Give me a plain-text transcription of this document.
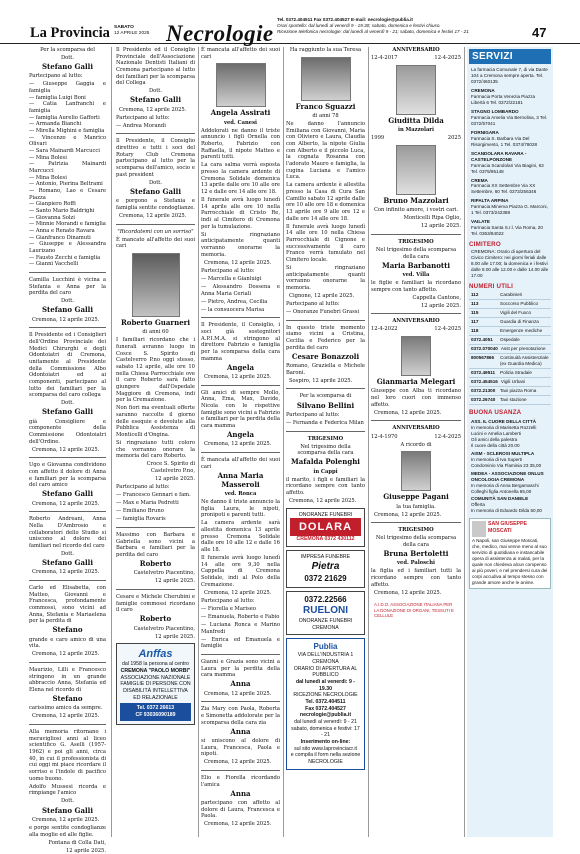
La Provincia SABATO
12 APRILE 2025 Necrologie
Tel. 0372.404511 Fax 0372.404527 E-mail: necrologie@publia.it
Orari sportello: dal lunedì al venerdì 9 - 19.30; sabato, domenica e festivi chiuso.
Ricezione telefonica necrologie: dal lunedì al venerdì 9 - 21; sabato, domenica e festivi 17 - 21	47

Per la scomparsa del

Dott.

Stefano Galli

Partecipano al lutto:

— Giuseppe Gaggia e famiglia

— famiglia Luigi Boni

— Catia Lanfranchi e famiglia

— famiglia Aurelio Gafforti

— Armanda Bianchi

— Mirella Mighini e famiglia

— Vincenzo e Manrico Olivari

— Sara Mainardi Marcucci

— Mina Bolesi

— Patrizia Mainardi Marcucci

— Mina Bolesi

— Antonio, Pierina Beltrami

— Romano, Lao e Cesare Piazza

— Gianpiero Roffi

— Santo Mario Baldrighi

— Giovanna Solzi

— Minnie Morandi e famiglia

— Anna e Renato Ravara

— Gianfranco Dinamuti

— Giuseppe e Alessandra Laurizano

— Fausto Zecchi e famiglia

— Gianni Vacchelli

Camilla Lucchini è vicina a Stefania e Anna per la perdita del caro

Dott.

Stefano Galli

Cremona, 12 aprile 2025.

Il Presidente ed i Consiglieri dell'Ordine Provinciale dei Medici Chirurghi e degli Odontoiatri di Cremona, unitamente al Presidente della Commissione Albo Odontoiatri ed ai componenti, partecipano al lutto dei familiari per la scomparsa del caro collega

Dott.

Stefano Galli

già Consigliere e componente della Commissione Odontoiatri dell'Ordine.

Cremona, 12 aprile 2025.

Ugo e Giovanna condividono con affetto il dolore di Anna e familiari per la scomparsa del caro amico

Stefano Galli

Cremona, 12 aprile 2025.

Roberto Andreani, Anna Nella D'Ambrosio e collaboratori dello Studio si uniscono al dolore dei familiari nel ricordo del caro

Dott.

Stefano Galli

Cremona, 12 aprile 2025.

Carlo ed Elisabetta, con Matteo, Giovanni e Francesca, profondamente commossi, sono vicini ad Anna, Stefania e Mariaelena per la perdita di

Stefano

grande e caro amico di una vita.

Cremona, 12 aprile 2025.

Maurizio, Lilli e Francesco stringono in un grande abbraccio Anna, Stefania ed Elena nel ricordo di

Stefano

carissimo amico da sempre.

Cremona, 12 aprile 2025.

Alla memoria ritornano i meravigliosi anni al liceo scientifico G. Aselli (1957-1962) e poi gli anni, circa 40, in cui il professionista di cui oggi mi piace ricordare il sorriso e l'indole di pacifico uomo buono.

Adolfo Mussesi ricorda e rimpiange l'amico

Dott.

Stefano Galli

Cremona, 12 aprile 2025.

e porge sentite condoglianze alla moglie ed alle figlie.

Fontana di Colla Dati,

12 aprile 2025.

Il Presidente ed il Consiglio Provinciale dell'Associazione Nazionale Dentisti Italiani di Cremona partecipano al lutto dei familiari per la scomparsa del Collega

Dott.

Stefano Galli

Cremona, 12 aprile 2025.

Partecipano al lutto:

— Andrea Morandi

Il Presidente, il Consiglio direttivo e tutti i soci del Rotary Club Cremona partecipano al lutto per la scomparsa dell'amico, socio e past president

Dott.

Stefano Galli

e porgono a Stefania e famiglia sentite condoglianze.

Cremona, 12 aprile 2025.

"Ricordatemi con un sorriso"

È mancato all'affetto dei suoi cari

Roberto Guarneri

di anni 60

I familiari ricordano che i funerali avranno luogo in Cosce S. Spirito di Castelverro P.no oggi stesso, sabato 12 aprile, alle ore 10 nella Chiesa Parrocchiale ove il caro Roberto sarà fatto giungere dall'Ospedale Maggiore di Cremona, indi per la Cremazione.

Non fiori ma eventuali offerte saranno raccolte il giorno delle esequie e devolute alla Pubblica Assistenza di Monticelli d'Ongina.

Si ringraziano tutti coloro che vorranno onorare la memoria del caro Roberto.

Croce S. Spirito di Castelvetro P.no,

12 aprile 2025.

Partecipano al lutto:

— Francesco Gennari e fam.

— Max e Maria Pedretti

— Emiliano Bruno

— famiglia Rovaris

Massimo con Barbara e Gabriella sono vicini a Barbara e familiari per la perdita del caro

Roberto

Castelvetro Piacentino,

12 aprile 2025.

Cesare e Michele Cherubini e famiglie commossi ricordano il caro

Roberto

Castelvetro Piacentino,

12 aprile 2025.

Anffas
dal 1958 la persona al centro
CREMONA "PAOLO MORBI"
ASSOCIAZIONE NAZIONALE FAMIGLIE DI PERSONE CON DISABILITÀ INTELLETTIVA ED RELAZIONALE
Tel. 0372 26613
CF 93036090189

È mancata all'affetto dei suoi cari

Angela Assirati

ved. Canesi

Addolorati ne danno il triste annuncio i figli Ornella con Roberto, Fabrizio con Raffaella, il nipote Matteo e parenti tutti.

La cara salma verrà esposta presso la camera ardente di Cremona Solidale domenica 13 aprile dalle ore 10 alle ore 12 e dalle ore 14 alle ore 18.

Il funerale avrà luogo lunedì 14 aprile alle ore 10 nella Parrocchiale di Cristo Re, indi al Cimitero di Cremona per la tumulazione.

Si ringraziano anticipatamente quanti vorranno onorarne la memoria.

Cremona, 12 aprile 2025.

Partecipano al lutto:

— Marcella e Gianluigi

— Alessandro Dossena e Anna Maria Ceriali

— Pietro, Andrea, Cecilia

— la consuocera Marisa

Il Presidente, il Consiglio, i soci già sostegnitori A.P.I.M.A. si stringono al direttore Fabrizio e famiglia per la scomparsa della cara mamma

Angela

Cremona, 12 aprile 2025.

Gli amici di sempre Mollo, Anna, Ema, Max, Davide, Nicola con le rispettive famiglie sono vicini a Fabrizio e familiari per la perdita della cara mamma

Angela

Cremona, 12 aprile 2025.

È mancata all'affetto dei suoi cari

Anna Maria Masseroli

ved. Ronca

Ne danno il triste annuncio la figlia Laura, le nipoti, pronipoti e parenti tutti.

La camera ardente sarà allestita domenica 13 aprile presso Cremona Solidale dalle ore 10 alle 12 e dalle 16 alle 18.

Il funerale avrà luogo lunedì 14 alle ore 9,30 nella Cappella di Cremona Solidale, indi al Polo della Cremazione.

Cremona, 12 aprile 2025.

Partecipano al lutto:

— Fiorella e Mariseo

— Emanuela, Roberto e Fabio

— Luciana Ronca e Marino Manfredi

— Enrica ed Emanuela e famiglie

Gianni e Grazia sono vicini a Laura per la perdita della cara mamma

Anna

Cremona, 12 aprile 2025.

Zia Mary con Paola, Roberta e Simonetta addolorate per la scomparsa della cara zia

Anna

si uniscono al dolore di Laura, Francesca, Paola e nipoti.

Cremona, 12 aprile 2025.

Elio e Fiorella ricordando l'amica

Anna

partecipano con affetto al dolore di Laura, Francesca e Paola.

Cremona, 12 aprile 2025.

Ha raggiunto la sua Teresa

Franco Sguazzi

di anni 78

Ne danno l'annuncio Emiliana con Giovanni, Maria con Oliviero e Laura, Claudia con Alberto, la nipote Giulia con Alberto e il piccolo Luca, la cognata Rosanna con l'adorato Mauro e famiglia, la cugina Luciana e l'amico Luca.

La camera ardente è allestita presso la Casa di Cura San Camillo sabato 12 aprile dalle ore 10 alle ore 18 e domenica 13 aprile ore 9 alle ore 12 e dalle ore 14 alle ore 18.

Il funerale avrà luogo lunedì 14 alle ore 10 nella Chiesa Parrocchiale di Cignone e successivamente il caro Franco verrà tumulato nel Cimitero locale.

Si ringraziano anticipatamente quanti vorranno onorarne la memoria.

Cignone, 12 aprile 2025.

Partecipano al lutto:

— Onoranze Funebri Grassi

In questo triste momento siamo vicini a Cristina, Cecilia e Federico per la perdita del caro

Cesare Bonazzoli

Romano, Graziella e Michele Baroni.

Sospiro, 12 aprile 2025.

Per la scomparsa di

Silvano Bellini

Partecipano al lutto:

— Fernanda e Federica Milan

TRIGESIMO

Nel trigesimo della scomparsa della cara

Mafalda Polenghi

in Cappi

il marito, i figli e familiari la ricordano sempre con tanto affetto.

Cremona, 12 aprile 2025.

ONORANZE FUNEBRI
DOLARA
CREMONA 0372 430112
IMPRESA FUNEBRE
Pietra
0372 21629
0372.22566
RUELONI
ONORANZE FUNEBRI CREMONA
Publia
VIA DELL'INDUSTRIA 1 CREMONA
ORARIO DI APERTURA AL PUBBLICO
dal lunedì al venerdì: 9 - 19.30
RICEZIONE NECROLOGIE
Tel. 0372.404511
Fax 0372.404527
necrologie@publia.it
dal lunedì al venerdì: 9 - 21
sabato, domenica e festivi: 17 - 21
Inserimento on-line:
sul sito www.laprovinciacr.it
e compila il form nella sezione NECROLOGIE

ANNIVERSARIO

12-4-2017	12-4-2025

Giuditta Dilda

in Mazzolari

1999	2025

Bruno Mazzolari

Con infinito amore, i vostri cari.

Monticelli Ripa Oglio,

12 aprile 2025.

TRIGESIMO

Nel trigesimo della scomparsa della cara

Maria Barbanotti

ved. Villa

le figlie e familiari la ricordano sempre con tanto affetto.

Cappella Cantone,

12 aprile 2025.

ANNIVERSARIO

12-4-2022	12-4-2025

Gianmaria Melegari

Giuseppe con Alba ti ricordano nel loro cuori con immenso affetto.

Cremona, 12 aprile 2025.

ANNIVERSARIO

12-4-1970	12-4-2025

A ricordo di

Giuseppe Pagani

la tua famiglia.

Cremona, 12 aprile 2025.

TRIGESIMO

Nel trigesimo della scomparsa della cara

Bruna Bertoletti

ved. Paloschi

la figlia ed i familiari tutti la ricordano sempre con tanto affetto.

Cremona, 12 aprile 2025.

A.I.D.O. ASSOCIAZIONE ITALIANA PER LA DONAZIONE DI ORGANI, TESSUTI E CELLULE
SERVIZI
La farmacia Comunale 7, di via Dante 104 a Cremona sempre aperta. Tel. 0372/460135
CREMONA
Farmacia Porta Venezia Piazza Libertà 6 Tel. 0372/22181
STAGNO LOMBARDO
Farmacia Amelia Via Bernolina, 3 Tel. 0372/57041
FORNIGARA
Farmacia S. Barbara Via Del Risorgimento, 1 Tel. 0374/78028
SCANDOLARA RAVARA - CASTELPONZONE
Farmacia Scandolari Via Biagini, 63 Tel. 0375/95148
CREMA
Farmacia XX Settembre Via XX Settembre, 60 Tel. 0373/256346
RIPALTA ARPINA
Farmacia Minerva Piazza G. Marconi, 1 Tel. 0373/242388
VAILATE
Farmacia Santa S.r.l. Via Roma, 20 Tel. 0363/84022
CIMITERO
CREMONA: Orario di apertura del Civico Cimitero: nei giorni feriali dalle 8.00 alle 17.00; la domenica e i festivi dalle 8.00 alle 12.00 e dalle 14.00 alle 17.00
NUMERI UTILI
112	Carabinieri
113	Soccorso Pubblico
115	Vigili del Fuoco
117	Guardia di Finanza
118	Emergenze mediche
0372.4051	Ospedale
0372.070040 Asst per prenotazione
800567866	Continuità Assistenziale (ex Guardia Medica)
0372.49511	Polizia Stradale
0372.454516 Vigili Urbani
0372.21300	Taxi piazza Roma
0372.26740	Taxi stazione
BUONA USANZA
ASS. IL CUORE DELLA CITTÀ
In memoria di Marisetta Rozzelli Lucini e Amelia Lamberti
Gli amici della palestra
Il cuore della città 20.00
AISM - SCLEROSI MULTIPLA
In memoria di Iva Superti
Condominio Via Flaminia 23 35,00
MEDEA - ASSOCIAZIONE ONLUS ONCOLOGIA CREMONA
In memoria di Anna Bergamaschi
Colleghi figlia Antonella 85,00
COMUNITÀ SAN DANIELE
Offerta
In memoria di Edoardo Dilda 50,00
SAN GIUSEPPE MOSCATI
A Napoli, san Giuseppe Moscati, che, medico, mai venne meno al suo servizio di quotidiana e instancabile opera di assistenza ai malati, per la quale non chiedeva alcun compenso ai più poveri, e nel prendersi cura dei corpi accudiva al tempo stesso con grande amore anche le anime.
